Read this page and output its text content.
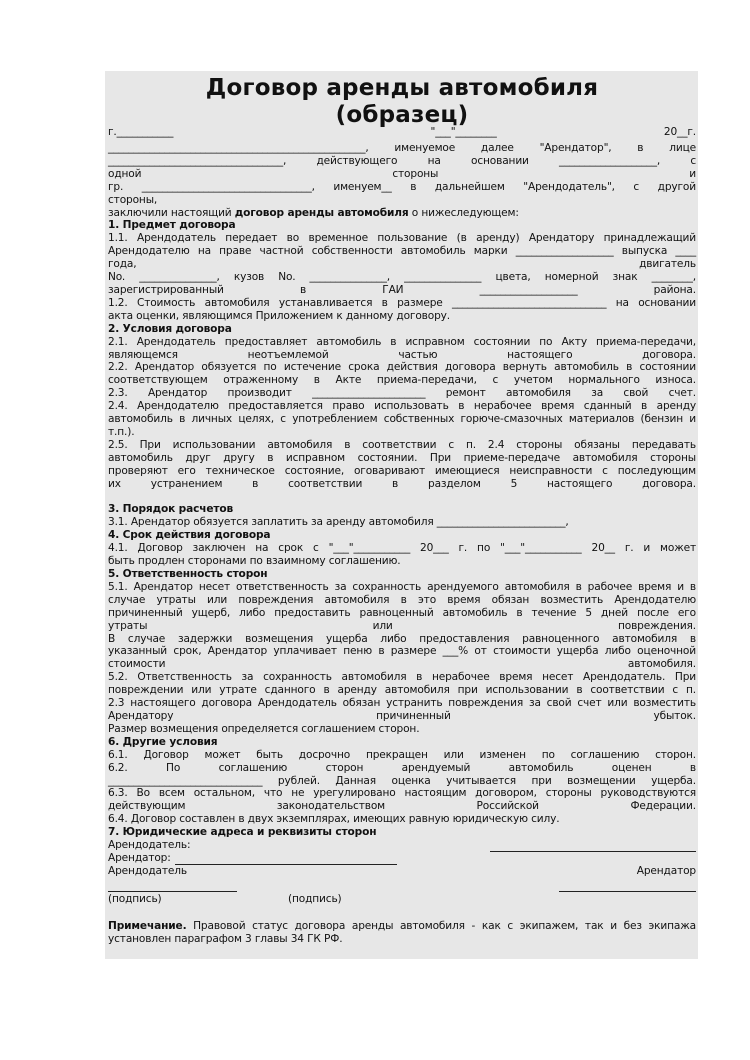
Договор аренды автомобиля
(образец)
г.___________	"___"________	20__г.

__________________________________________________, именуемое далее "Арендатор", в лице

__________________________________, действующего на основании ___________________, с

одной стороны и

гр. _________________________________, именуем__ в дальнейшем "Арендодатель", с другой

стороны,

заключили настоящий договор аренды автомобиля о нижеследующем:

1. Предмет договора

1.1. Арендодатель передает во временное пользование (в аренду) Арендатору принадлежащий

Арендодателю на праве частной собственности автомобиль марки ___________________ выпуска ____

года, двигатель

No. _______________, кузов No. _______________, _______________ цвета, номерной знак ________,

зарегистрированный в ГАИ ___________________ района.

1.2. Стоимость автомобиля устанавливается в размере ______________________________ на основании

акта оценки, являющимся Приложением к данному договору.

2. Условия договора

2.1. Арендодатель предоставляет автомобиль в исправном состоянии по Акту приема-передачи,

являющемся неотъемлемой частью настоящего договора.

2.2. Арендатор обязуется по истечение срока действия договора вернуть автомобиль в состоянии

соответствующем отраженному в Акте приема-передачи, с учетом нормального износа.

2.3. Арендатор производит ______________________ ремонт автомобиля за свой счет.

2.4. Арендодателю предоставляется право использовать в нерабочее время сданный в аренду

автомобиль в личных целях, с употреблением собственных горюче-смазочных материалов (бензин и

т.п.).

2.5. При использовании автомобиля в соответствии с п. 2.4 стороны обязаны передавать

автомобиль друг другу в исправном состоянии. При приеме-передаче автомобиля стороны

проверяют его техническое состояние, оговаривают имеющиеся неисправности с последующим

их устранением в соответствии в разделом 5 настоящего договора.

3. Порядок расчетов

3.1. Арендатор обязуется заплатить за аренду автомобиля _________________________,

4. Срок действия договора

4.1. Договор заключен на срок с "___"___________ 20___ г. по "___"___________ 20__ г. и может

быть продлен сторонами по взаимному соглашению.

5. Ответственность сторон

5.1. Арендатор несет ответственность за сохранность арендуемого автомобиля в рабочее время и в

случае утраты или повреждения автомобиля в это время обязан возместить Арендодателю

причиненный ущерб, либо предоставить равноценный автомобиль в течение 5 дней после его

утраты или повреждения.

В случае задержки возмещения ущерба либо предоставления равноценного автомобиля в

указанный срок, Арендатор уплачивает пеню в размере ___% от стоимости ущерба либо оценочной

стоимости автомобиля.

5.2. Ответственность за сохранность автомобиля в нерабочее время несет Арендодатель. При

повреждении или утрате сданного в аренду автомобиля при использовании в соответствии с п.

2.3 настоящего договора Арендодатель обязан устранить повреждения за свой счет или возместить

Арендатору причиненный убыток.

Размер возмещения определяется соглашением сторон.

6. Другие условия

6.1. Договор может быть досрочно прекращен или изменен по соглашению сторон.

6.2. По соглашению сторон арендуемый автомобиль оценен в

______________________________ рублей. Данная оценка учитывается при возмещении ущерба.

6.3. Во всем остальном, что не урегулировано настоящим договором, стороны руководствуются

действующим законодательством Российской Федерации.

6.4. Договор составлен в двух экземплярах, имеющих равную юридическую силу.

7. Юридические адреса и реквизиты сторон

Арендодатель:
Арендатор:
Арендодатель	Арендатор
(подпись)	(подпись)

Примечание. Правовой статус договора аренды автомобиля - как с экипажем, так и без экипажа установлен параграфом 3 главы 34 ГК РФ.
